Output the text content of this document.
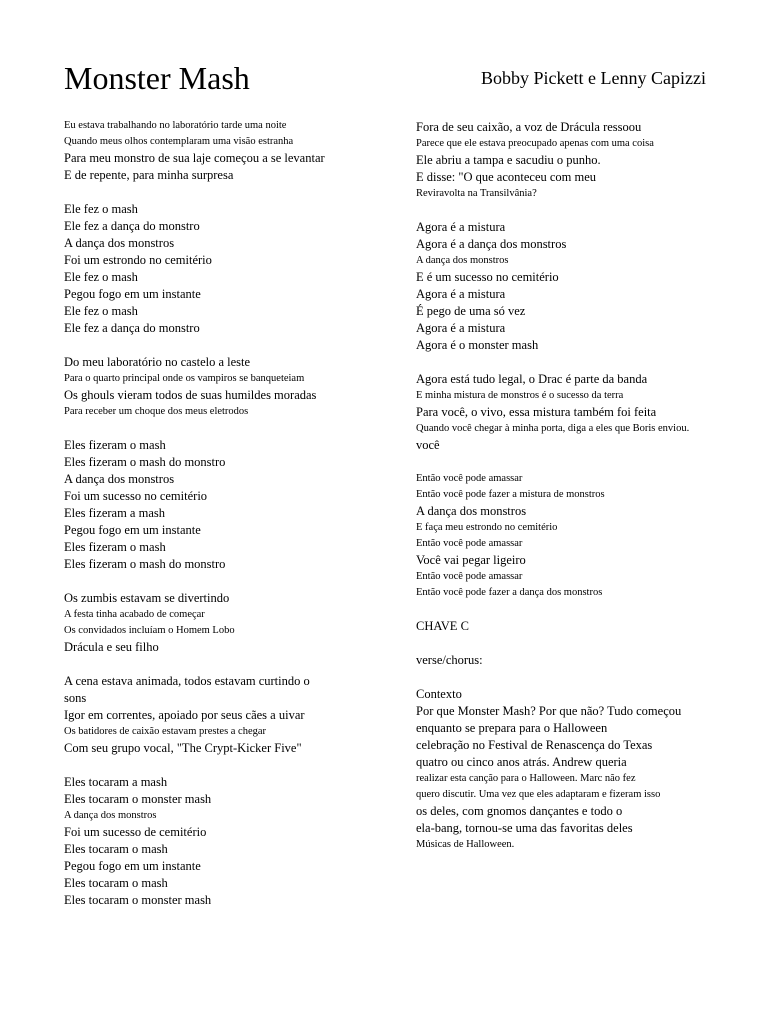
Monster Mash	Bobby Pickett e Lenny Capizzi
Eu estava trabalhando no laboratório tarde uma noite
Quando meus olhos contemplaram uma visão estranha
Para meu monstro de sua laje começou a se levantar
E de repente, para minha surpresa
Ele fez o mash
Ele fez a dança do monstro
A dança dos monstros
Foi um estrondo no cemitério
Ele fez o mash
Pegou fogo em um instante
Ele fez o mash
Ele fez a dança do monstro
Do meu laboratório no castelo a leste
Para o quarto principal onde os vampiros se banqueteiam
Os ghouls vieram todos de suas humildes moradas
Para receber um choque dos meus eletrodos
Eles fizeram o mash
Eles fizeram o mash do monstro
A dança dos monstros
Foi um sucesso no cemitério
Eles fizeram a mash
Pegou fogo em um instante
Eles fizeram o mash
Eles fizeram o mash do monstro
Os zumbis estavam se divertindo
A festa tinha acabado de começar
Os convidados incluíam o Homem Lobo
Drácula e seu filho
A cena estava animada, todos estavam curtindo o
sons
Igor em correntes, apoiado por seus cães a uivar
Os batidores de caixão estavam prestes a chegar
Com seu grupo vocal, "The Crypt-Kicker Five"
Eles tocaram a mash
Eles tocaram o monster mash
A dança dos monstros
Foi um sucesso de cemitério
Eles tocaram o mash
Pegou fogo em um instante
Eles tocaram o mash
Eles tocaram o monster mash
Fora de seu caixão, a voz de Drácula ressoou
Parece que ele estava preocupado apenas com uma coisa
Ele abriu a tampa e sacudiu o punho.
E disse: "O que aconteceu com meu
Reviravolta na Transilvânia?
Agora é a mistura
Agora é a dança dos monstros
A dança dos monstros
E é um sucesso no cemitério
Agora é a mistura
É pego de uma só vez
Agora é a mistura
Agora é o monster mash
Agora está tudo legal, o Drac é parte da banda
E minha mistura de monstros é o sucesso da terra
Para você, o vivo, essa mistura também foi feita
Quando você chegar à minha porta, diga a eles que Boris enviou.
você
Então você pode amassar
Então você pode fazer a mistura de monstros
A dança dos monstros
E faça meu estrondo no cemitério
Então você pode amassar
Você vai pegar ligeiro
Então você pode amassar
Então você pode fazer a dança dos monstros
CHAVE C
verse/chorus:
Contexto
Por que Monster Mash? Por que não? Tudo começou
enquanto se prepara para o Halloween
celebração no Festival de Renascença do Texas
quatro ou cinco anos atrás. Andrew queria
realizar esta canção para o Halloween. Marc não fez
quero discutir. Uma vez que eles adaptaram e fizeram isso
os deles, com gnomos dançantes e todo o
ela-bang, tornou-se uma das favoritas deles
Músicas de Halloween.
